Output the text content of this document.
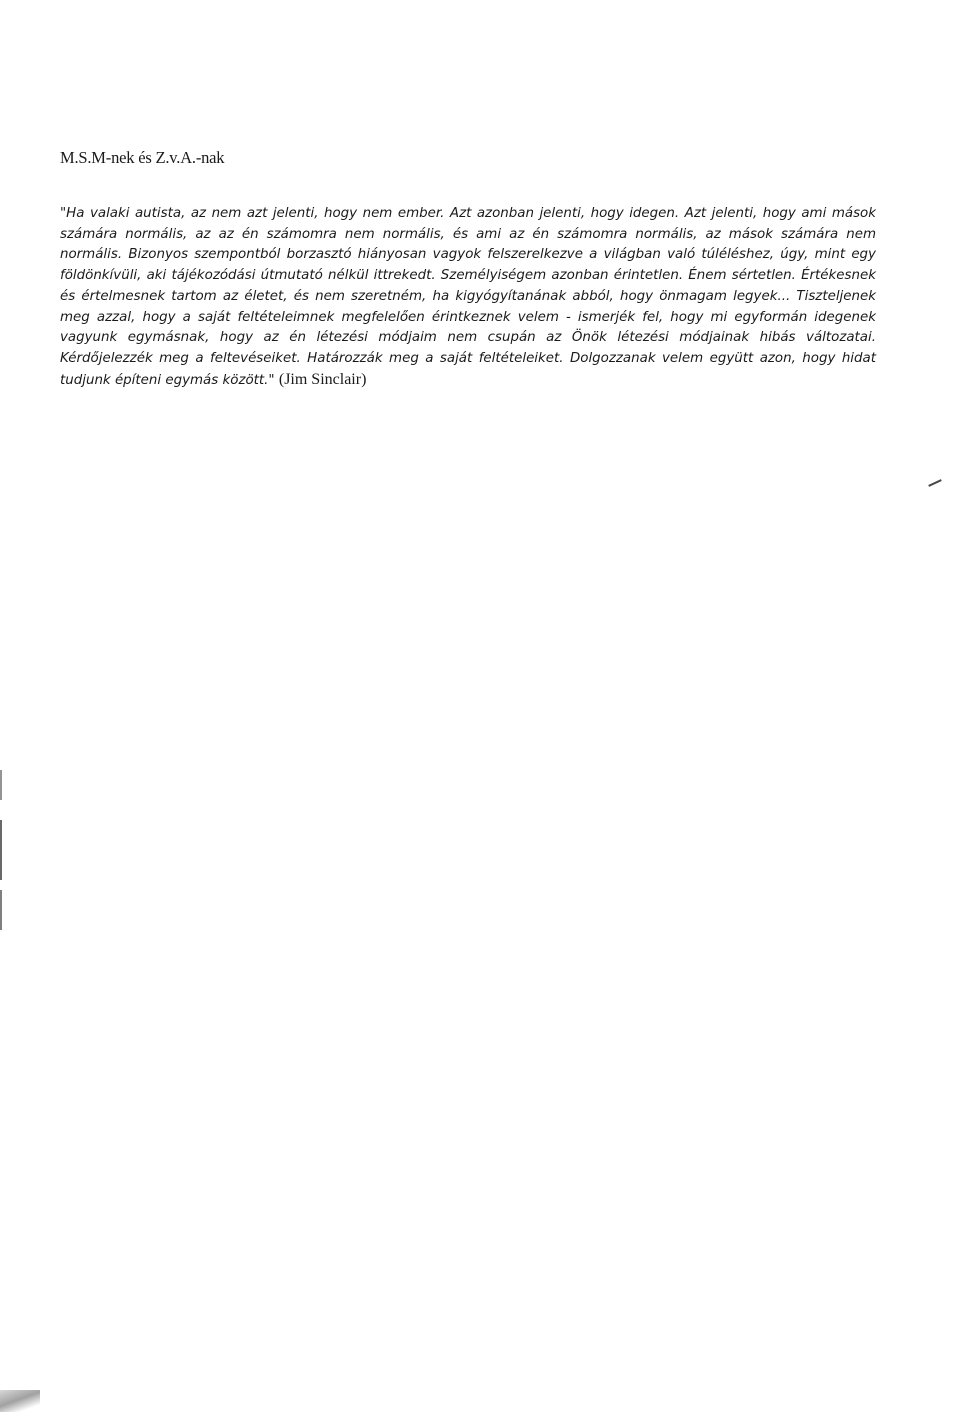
M.S.M-nek és Z.v.A.-nak

"Ha valaki autista, az nem azt jelenti, hogy nem ember. Azt azonban jelenti, hogy idegen. Azt jelenti, hogy ami mások számára normális, az az én számomra nem normális, és ami az én számomra normális, az mások számára nem normális. Bizonyos szempontból borzasztó hiányosan vagyok felszerelkezve a világban való túléléshez, úgy, mint egy földönkívüli, aki tájékozódási útmutató nélkül ittrekedt. Személyiségem azonban érintetlen. Énem sértetlen. Értékesnek és értelmesnek tartom az életet, és nem szeretném, ha kigyógyítanának abból, hogy önmagam legyek... Tiszteljenek meg azzal, hogy a saját feltételeimnek megfelelően érintkeznek velem - ismerjék fel, hogy mi egyformán idegenek vagyunk egymásnak, hogy az én létezési módjaim nem csupán az Önök létezési módjainak hibás változatai. Kérdőjelezzék meg a feltevéseiket. Határozzák meg a saját feltételeiket. Dolgozzanak velem együtt azon, hogy hidat tudjunk építeni egymás között." (Jim Sinclair)
